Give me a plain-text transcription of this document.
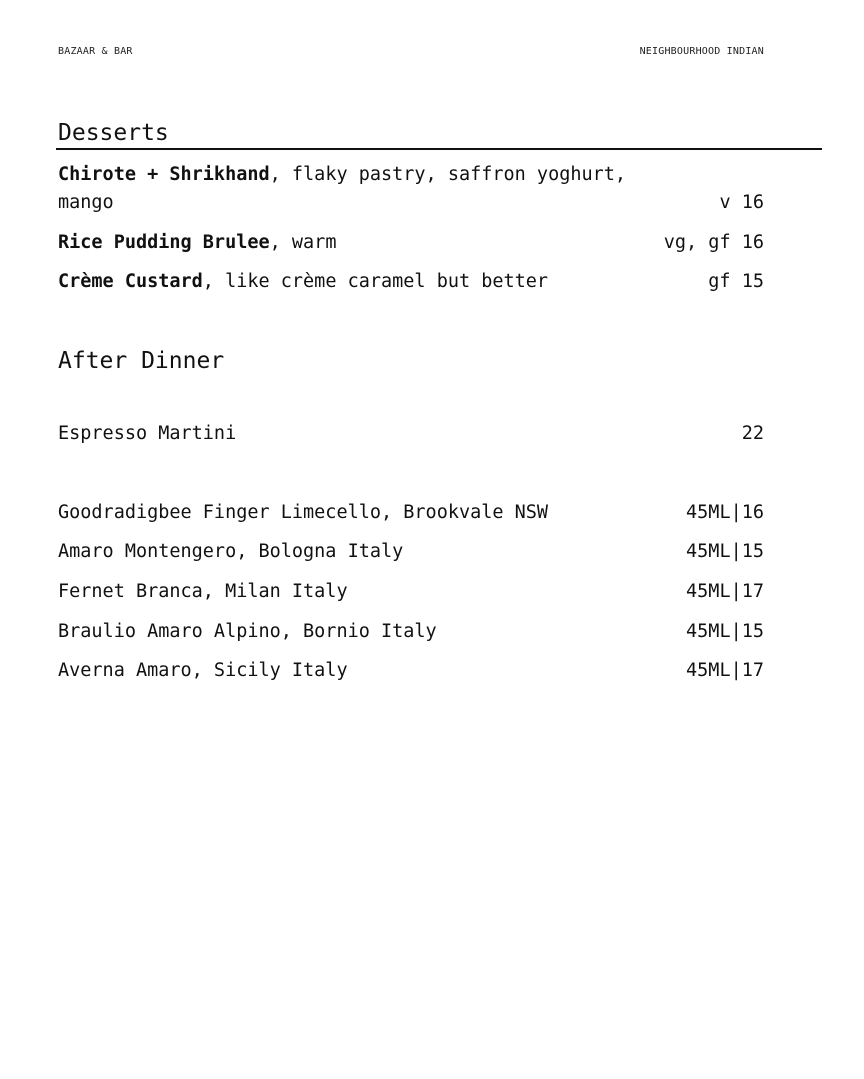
BAZAAR & BAR	NEIGHBOURHOOD INDIAN
Desserts
Chirote + Shrikhand, flaky pastry, saffron yoghurt,
mango	v 16
Rice Pudding Brulee, warm	vg, gf 16
Crème Custard, like crème caramel but better	gf 15
After Dinner
Espresso Martini	22
Goodradigbee Finger Limecello, Brookvale NSW	45ML|16
Amaro Montengero, Bologna Italy	45ML|15
Fernet Branca, Milan Italy	45ML|17
Braulio Amaro Alpino, Bornio Italy	45ML|15
Averna Amaro, Sicily Italy	45ML|17
